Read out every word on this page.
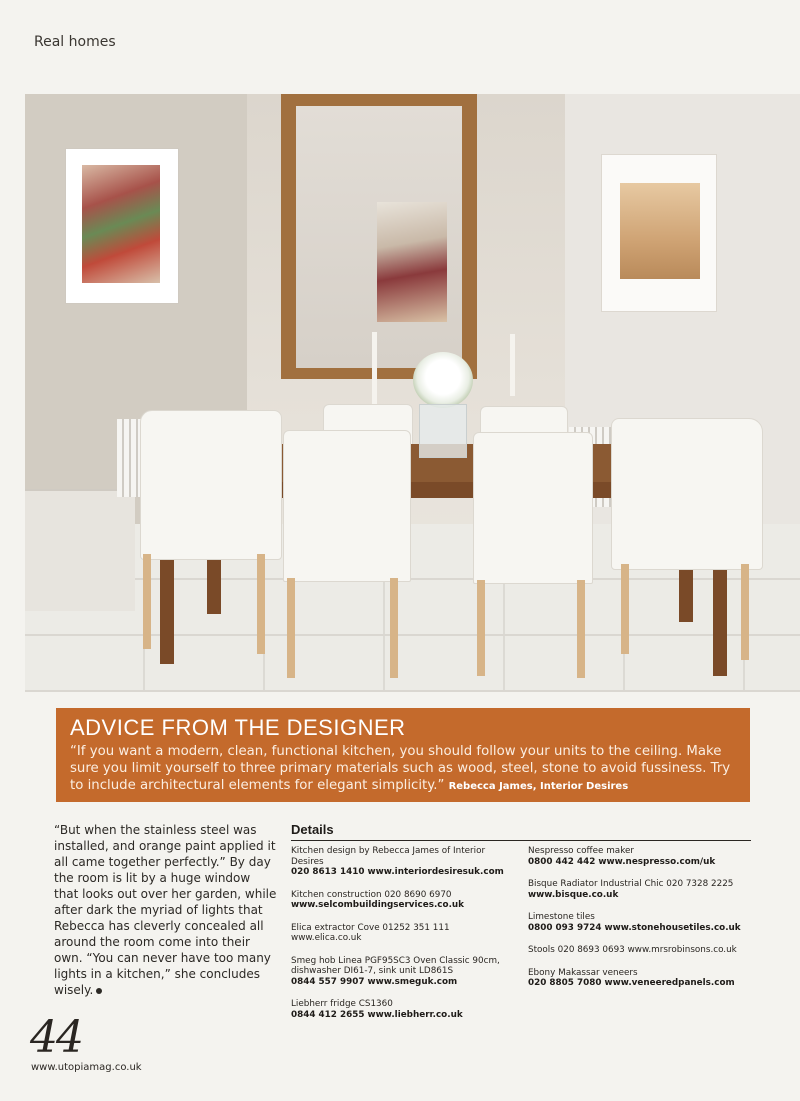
Real homes
ADVICE FROM THE DESIGNER

“If you want a modern, clean, functional kitchen, you should follow your units to the ceiling. Make sure you limit yourself to three primary materials such as wood, steel, stone to avoid fussiness. Try to include architectural elements for elegant simplicity.” Rebecca James, Interior Desires

“But when the stainless steel was installed, and orange paint applied it all came together perfectly.” By day the room is lit by a huge window that looks out over her garden, while after dark the myriad of lights that Rebecca has cleverly concealed all around the room come into their own. “You can never have too many lights in a kitchen,” she concludes wisely.
Details
Kitchen design by Rebecca James of Interior Desires
020 8613 1410 www.interiordesiresuk.com
Kitchen construction 020 8690 6970
www.selcombuildingservices.co.uk
Elica extractor Cove 01252 351 111 www.elica.co.uk
Smeg hob Linea PGF95SC3 Oven Classic 90cm, dishwasher DI61-7, sink unit LD861S
0844 557 9907 www.smeguk.com
Liebherr fridge CS1360
0844 412 2655 www.liebherr.co.uk
Nespresso coffee maker
0800 442 442 www.nespresso.com/uk
Bisque Radiator Industrial Chic 020 7328 2225
www.bisque.co.uk
Limestone tiles
0800 093 9724 www.stonehousetiles.co.uk
Stools 020 8693 0693 www.mrsrobinsons.co.uk
Ebony Makassar veneers
020 8805 7080 www.veneeredpanels.com
44
www.utopiamag.co.uk
